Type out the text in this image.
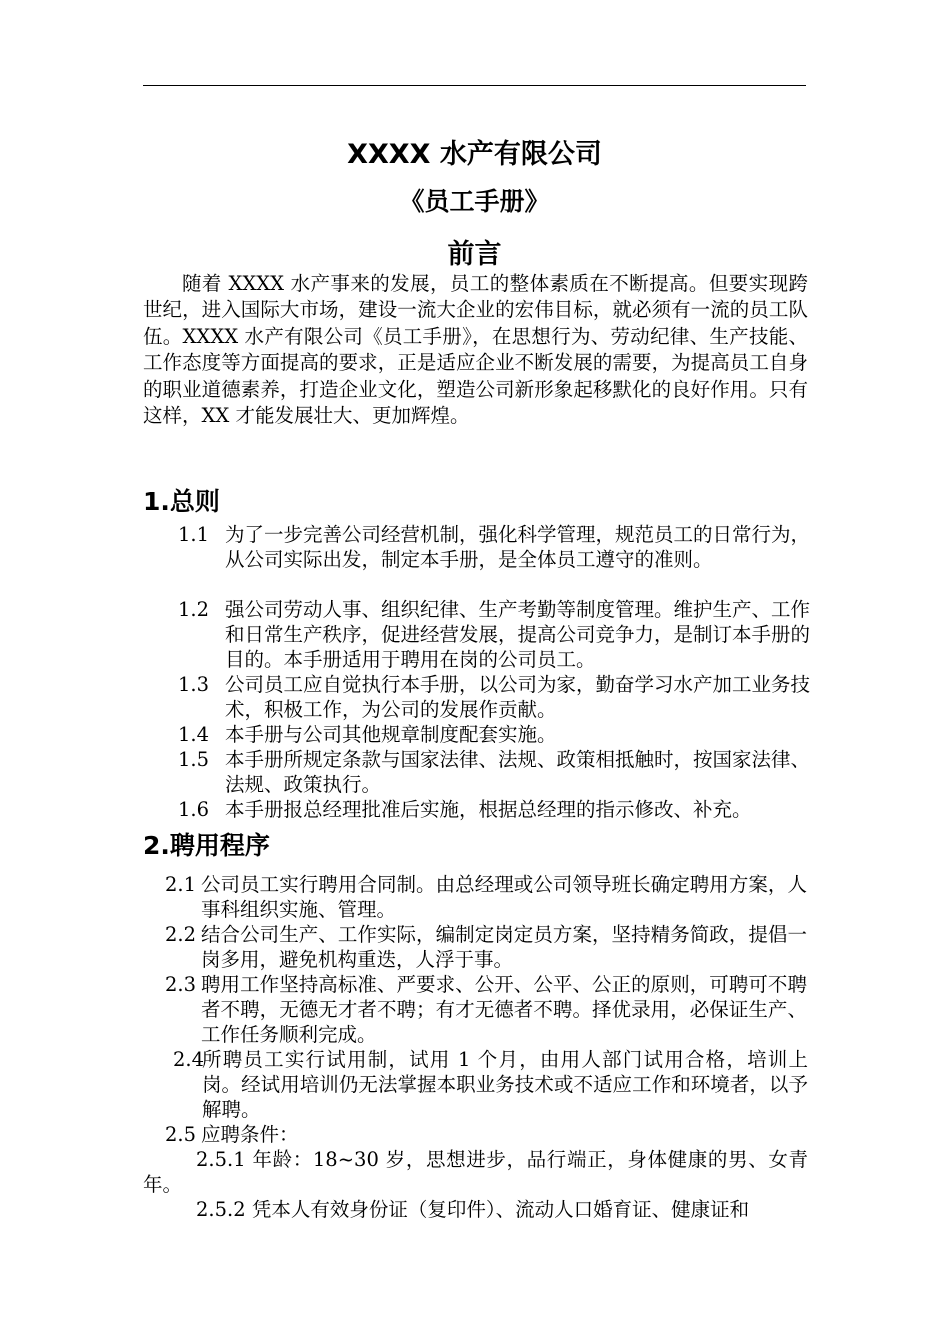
XXXX 水产有限公司
《员工手册》
前言

随着 XXXX 水产事来的发展，员工的整体素质在不断提高。但要实现跨世纪，进入国际大市场，建设一流大企业的宏伟目标，就必须有一流的员工队伍。XXXX 水产有限公司《员工手册》，在思想行为、劳动纪律、生产技能、工作态度等方面提高的要求，正是适应企业不断发展的需要，为提高员工自身的职业道德素养，打造企业文化，塑造公司新形象起移默化的良好作用。只有这样，XX 才能发展壮大、更加辉煌。

1.总则
1.1 为了一步完善公司经营机制，强化科学管理，规范员工的日常行为，从公司实际出发，制定本手册，是全体员工遵守的准则。
1.2 强公司劳动人事、组织纪律、生产考勤等制度管理。维护生产、工作和日常生产秩序，促进经营发展，提高公司竞争力，是制订本手册的目的。本手册适用于聘用在岗的公司员工。
1.3 公司员工应自觉执行本手册，以公司为家，勤奋学习水产加工业务技术，积极工作，为公司的发展作贡献。
1.4 本手册与公司其他规章制度配套实施。
1.5 本手册所规定条款与国家法律、法规、政策相抵触时，按国家法律、法规、政策执行。
1.6 本手册报总经理批准后实施，根据总经理的指示修改、补充。
2.聘用程序
2.1 公司员工实行聘用合同制。由总经理或公司领导班长确定聘用方案，人事科组织实施、管理。
2.2 结合公司生产、工作实际，编制定岗定员方案，坚持精务简政，提倡一岗多用，避免机构重迭，人浮于事。
2.3 聘用工作坚持高标准、严要求、公开、公平、公正的原则，可聘可不聘者不聘，无德无才者不聘；有才无德者不聘。择优录用，必保证生产、工作任务顺利完成。
2.4
所聘员工实行试用制，试用 1 个月，由用人部门试用合格，培训上岗。经试用培训仍无法掌握本职业务技术或不适应工作和环境者，以予解聘。
2.5 应聘条件：
2.5.1 年龄：18~30 岁，思想进步，品行端正，身体健康的男、女青年。
2.5.2 凭本人有效身份证（复印件）、流动人口婚育证、健康证和
